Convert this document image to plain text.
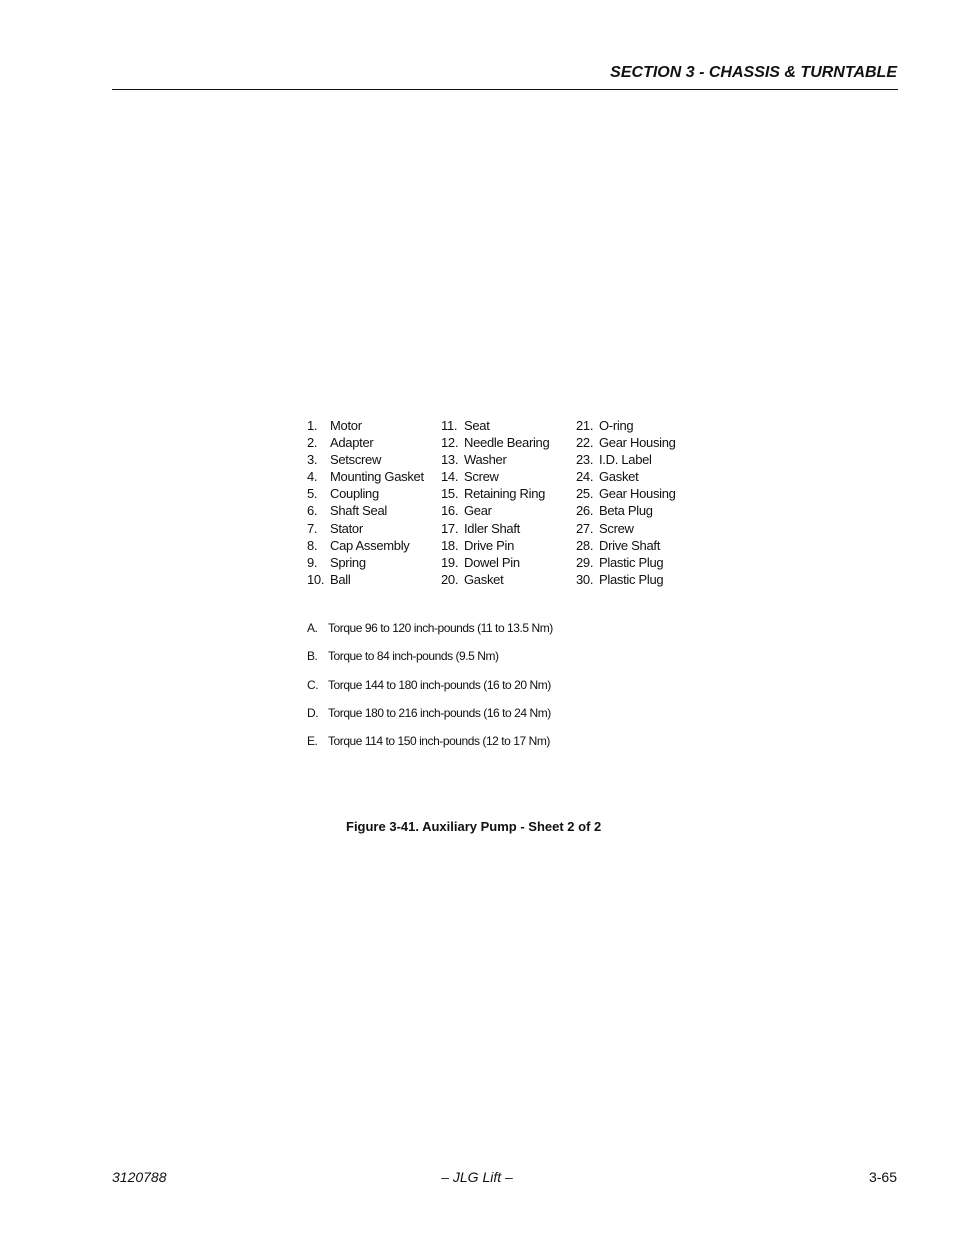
SECTION 3 - CHASSIS & TURNTABLE
1. Motor
2. Adapter
3. Setscrew
4. Mounting Gasket
5. Coupling
6. Shaft Seal
7. Stator
8. Cap Assembly
9. Spring
10. Ball
11. Seat
12. Needle Bearing
13. Washer
14. Screw
15. Retaining Ring
16. Gear
17. Idler Shaft
18. Drive Pin
19. Dowel Pin
20. Gasket
21. O-ring
22. Gear Housing
23. I.D. Label
24. Gasket
25. Gear Housing
26. Beta Plug
27. Screw
28. Drive Shaft
29. Plastic Plug
30. Plastic Plug
A. Torque 96 to 120 inch-pounds (11 to 13.5 Nm)
B. Torque to 84 inch-pounds (9.5 Nm)
C. Torque 144 to 180 inch-pounds (16 to 20 Nm)
D. Torque 180 to 216 inch-pounds (16 to 24 Nm)
E. Torque 114 to 150 inch-pounds (12 to 17 Nm)
Figure 3-41. Auxiliary Pump - Sheet 2 of 2
3120788	– JLG Lift –	3-65
